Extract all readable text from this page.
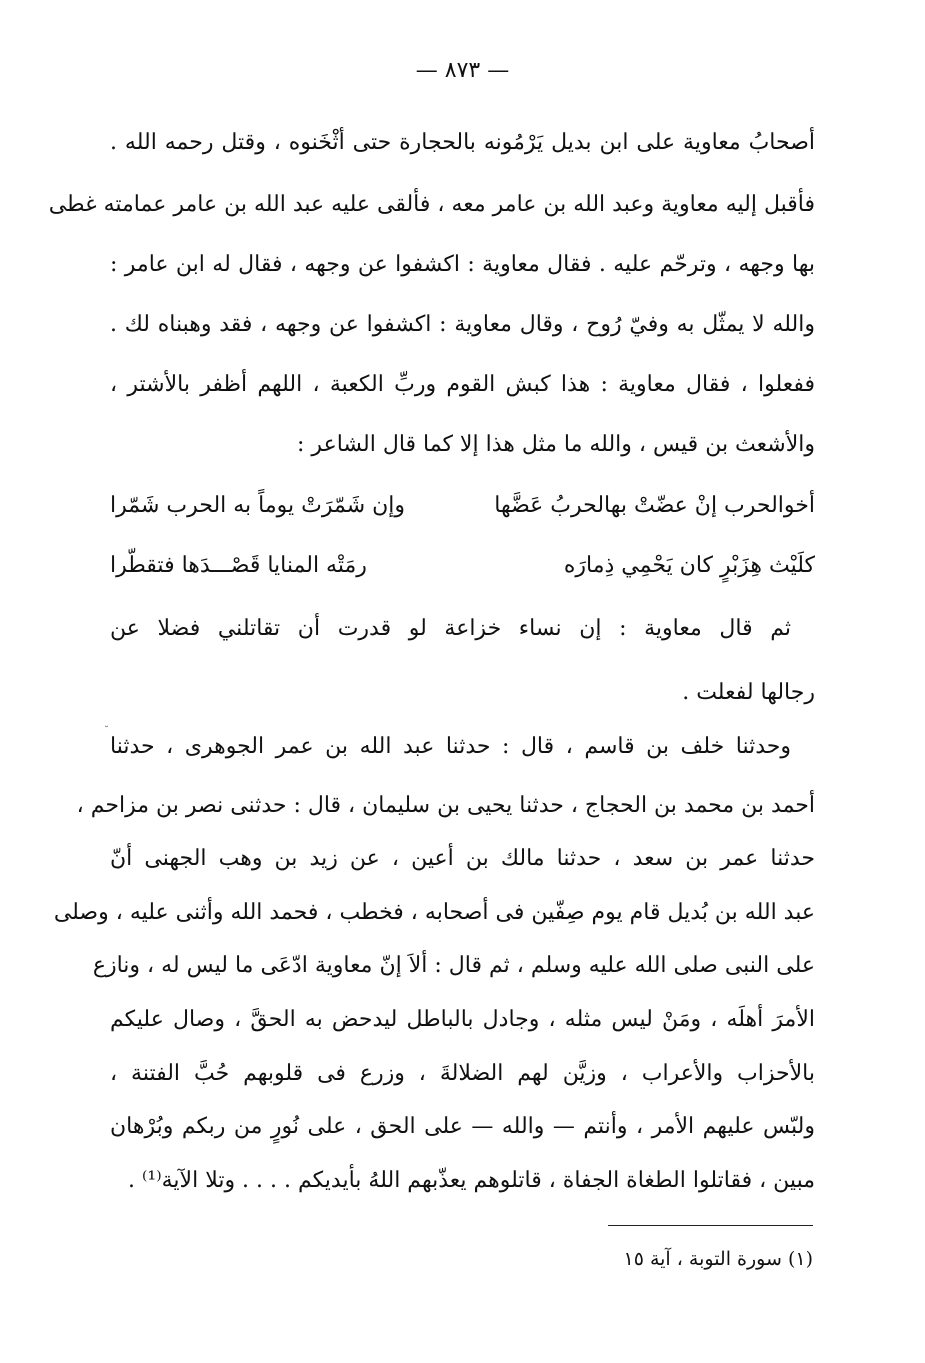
— ٨٧٣ —
أصحابُ معاوية على ابن بديل يَرْمُونه بالحجارة حتى أثْخَنوه ، وقتل رحمه الله .
فأقبل إليه معاوية وعبد الله بن عامر معه ، فألقى عليه عبد الله بن عامر عمامته غطى
بها وجهه ، وترحّم عليه . فقال معاوية : اكشفوا عن وجهه ، فقال له ابن عامر :
والله لا يمثّل به وفيّ رُوح ، وقال معاوية : اكشفوا عن وجهه ، فقد وهبناه لك .
ففعلوا ، فقال معاوية : هذا كبش القوم وربِّ الكعبة ، اللهم أظفر بالأشتر ،
والأشعث بن قيس ، والله ما مثل هذا إلا كما قال الشاعر :
أخوالحرب إنْ عضّتْ بهالحربُ عَضَّها
وإن شَمّرَتْ يوماً به الحرب شَمّرا
كلَيْث هِزَبْرٍ كان يَحْمِي ذِمارَه
رمَتْه المنايا قَصْـــدَها فتقطّرا
ثم قال معاوية : إن نساء خزاعة لو قدرت أن تقاتلني فضلا عن
رجالها لفعلت .
˘
وحدثنا خلف بن قاسم ، قال : حدثنا عبد الله بن عمر الجوهرى ، حدثنا
أحمد بن محمد بن الحجاج ، حدثنا يحيى بن سليمان ، قال : حدثنى نصر بن مزاحم ،
حدثنا عمر بن سعد ، حدثنا مالك بن أعين ، عن زيد بن وهب الجهنى أنّ
عبد الله بن بُديل قام يوم صِفّين فى أصحابه ، فخطب ، فحمد الله وأثنى عليه ، وصلى
على النبى صلى الله عليه وسلم ، ثم قال : ألاَ إنّ معاوية ادّعَى ما ليس له ، ونازع
الأمرَ أهلَه ، ومَنْ ليس مثله ، وجادل بالباطل ليدحض به الحقَّ ، وصال عليكم
بالأحزاب والأعراب ، وزيَّن لهم الضلالةَ ، وزرع فى قلوبهم حُبَّ الفتنة ،
ولبّس عليهم الأمر ، وأنتم — والله — على الحق ، على نُورٍ من ربكم وبُرْهان
مبين ، فقاتلوا الطغاة الجفاة ، قاتلوهم يعذّبهم اللهُ بأيديكم . . . . وتلا الآية⁽¹⁾ .
(١) سورة التوبة ، آية ١٥
